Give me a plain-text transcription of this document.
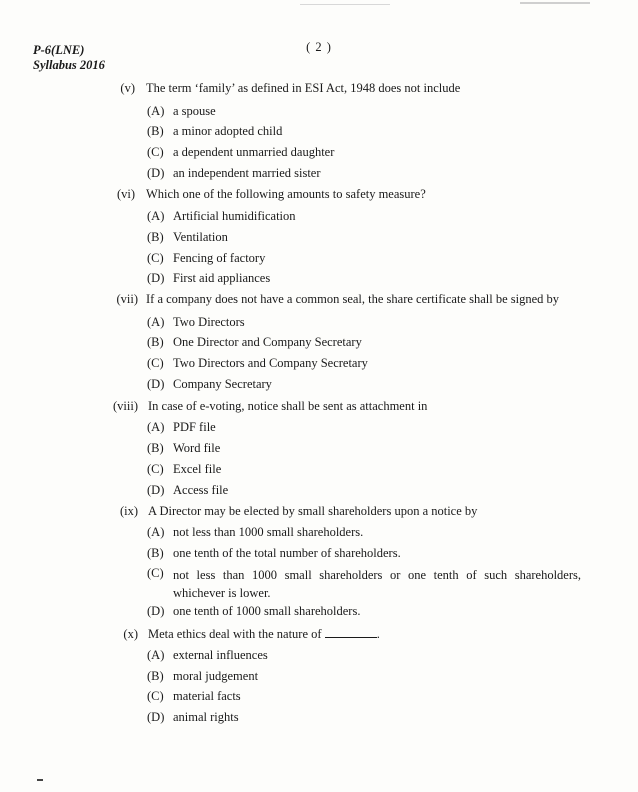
P-6(LNE)
Syllabus 2016
( 2 )
(v) The term ‘family’ as defined in ESI Act, 1948 does not include
(A) a spouse
(B) a minor adopted child
(C) a dependent unmarried daughter
(D) an independent married sister
(vi) Which one of the following amounts to safety measure?
(A) Artificial humidification
(B) Ventilation
(C) Fencing of factory
(D) First aid appliances
(vii) If a company does not have a common seal, the share certificate shall be signed by
(A) Two Directors
(B) One Director and Company Secretary
(C) Two Directors and Company Secretary
(D) Company Secretary
(viii) In case of e-voting, notice shall be sent as attachment in
(A) PDF file
(B) Word file
(C) Excel file
(D) Access file
(ix) A Director may be elected by small shareholders upon a notice by
(A) not less than 1000 small shareholders.
(B) one tenth of the total number of shareholders.
(C) not less than 1000 small shareholders or one tenth of such shareholders, whichever is lower.
(D) one tenth of 1000 small shareholders.
(x) Meta ethics deal with the nature of	.
(A) external influences
(B) moral judgement
(C) material facts
(D) animal rights
